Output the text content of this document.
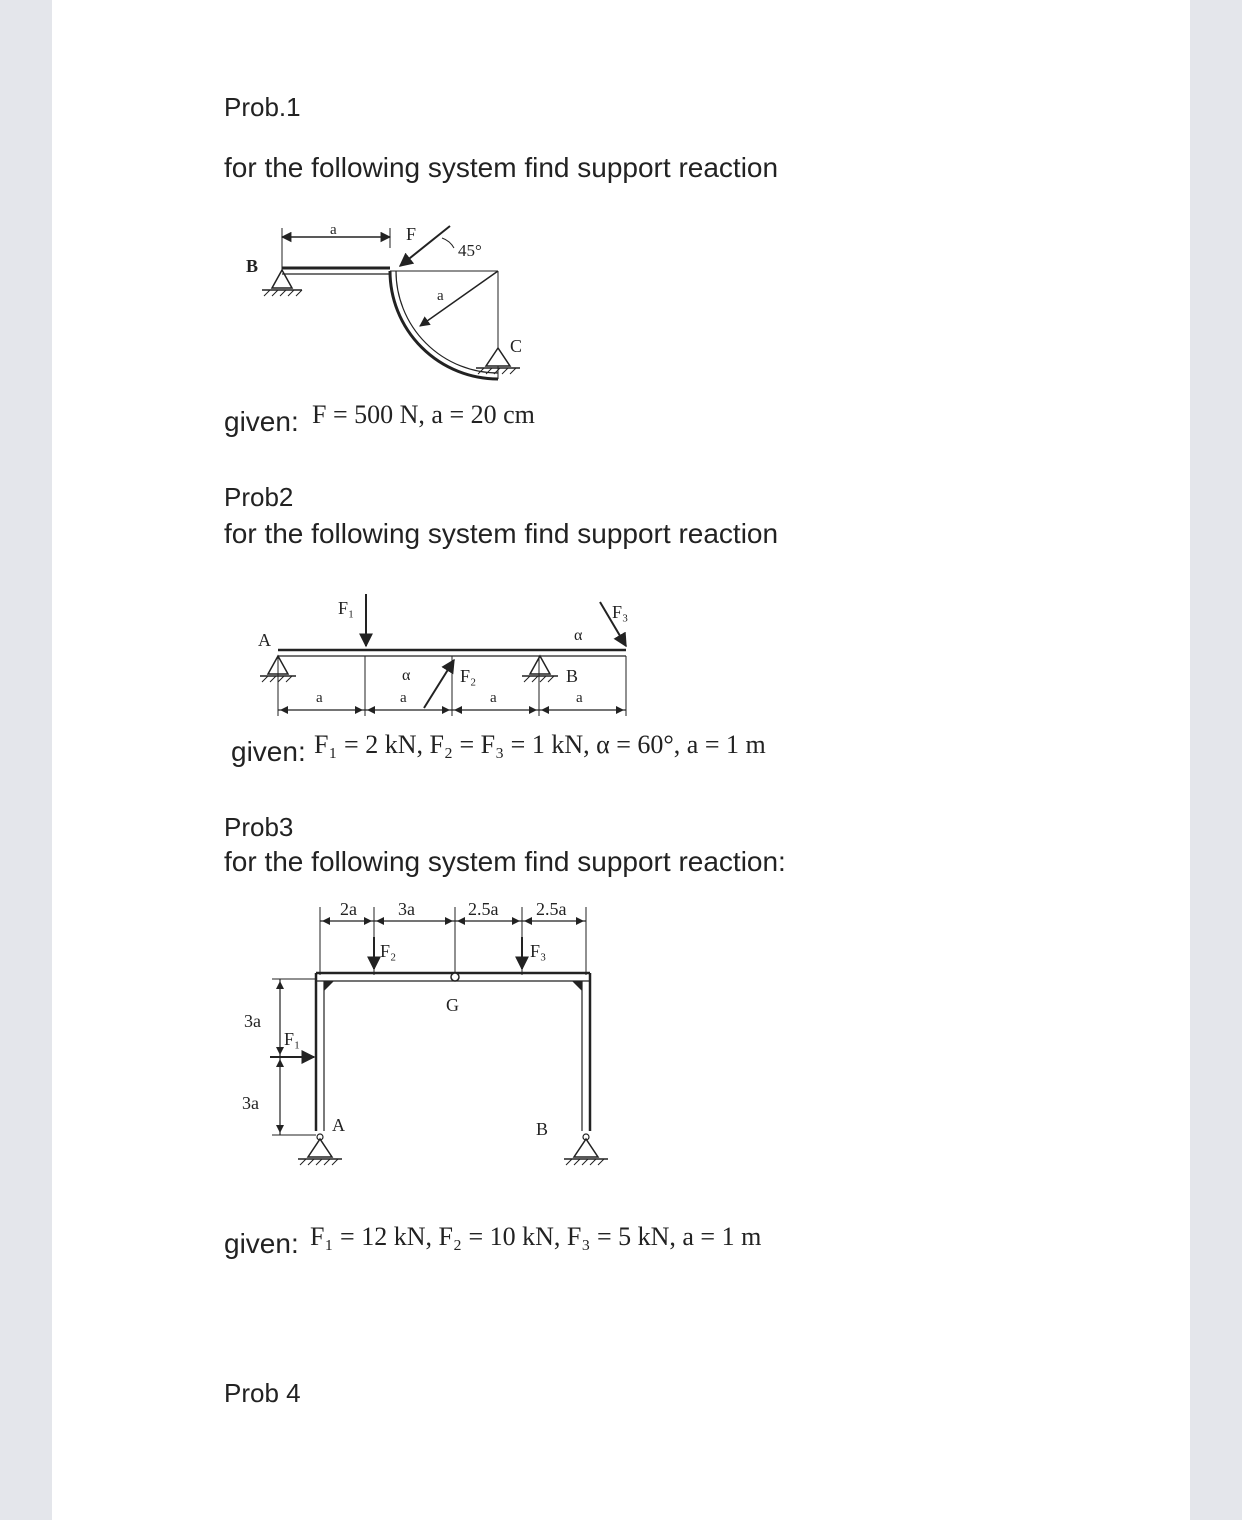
Prob.1
for the following system find support reaction
a
B
a
F
45°
C
given: F = 500 N, a = 20 cm
Prob2
for the following system find support reaction
A
B
F₁
F₂
α
F₃
α
a	a	a	a
given: F₁ = 2 kN, F₂ = F₃ = 1 kN, α = 60°, a = 1 m
Prob3
for the following system find support reaction:
2a 3a	2.5a 2.5a
F₂	F₃
G
3a
3a
F₁
A	B
given: F₁ = 12 kN, F₂ = 10 kN, F₃ = 5 kN, a = 1 m
Prob 4
